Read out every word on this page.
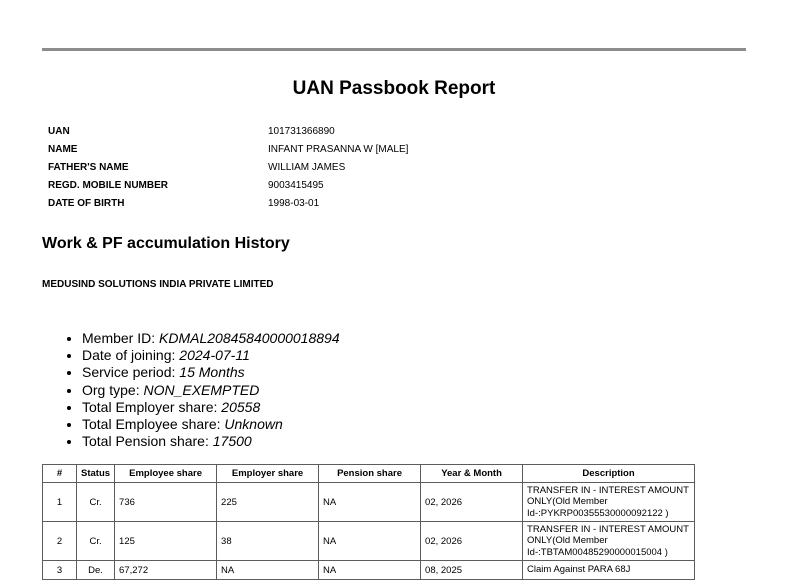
UAN Passbook Report
UAN	101731366890
NAME	INFANT PRASANNA W [MALE]
FATHER'S NAME	WILLIAM JAMES
REGD. MOBILE NUMBER	9003415495
DATE OF BIRTH	1998-03-01
Work & PF accumulation History
MEDUSIND SOLUTIONS INDIA PRIVATE LIMITED
• Member ID: KDMAL20845840000018894
• Date of joining: 2024-07-11
• Service period: 15 Months
• Org type: NON_EXEMPTED
• Total Employer share: 20558
• Total Employee share: Unknown
• Total Pension share: 17500
#	Status	Employee share	Employer share	Pension share	Year & Month	Description
1	Cr.	736	225	NA	02, 2026	TRANSFER IN - INTEREST AMOUNT ONLY(Old Member Id-:PYKRP00355530000092122 )
2	Cr.	125	38	NA	02, 2026	TRANSFER IN - INTEREST AMOUNT ONLY(Old Member Id-:TBTAM00485290000015004 )
3	De.	67,272	NA	NA	08, 2025	Claim Against PARA 68J
